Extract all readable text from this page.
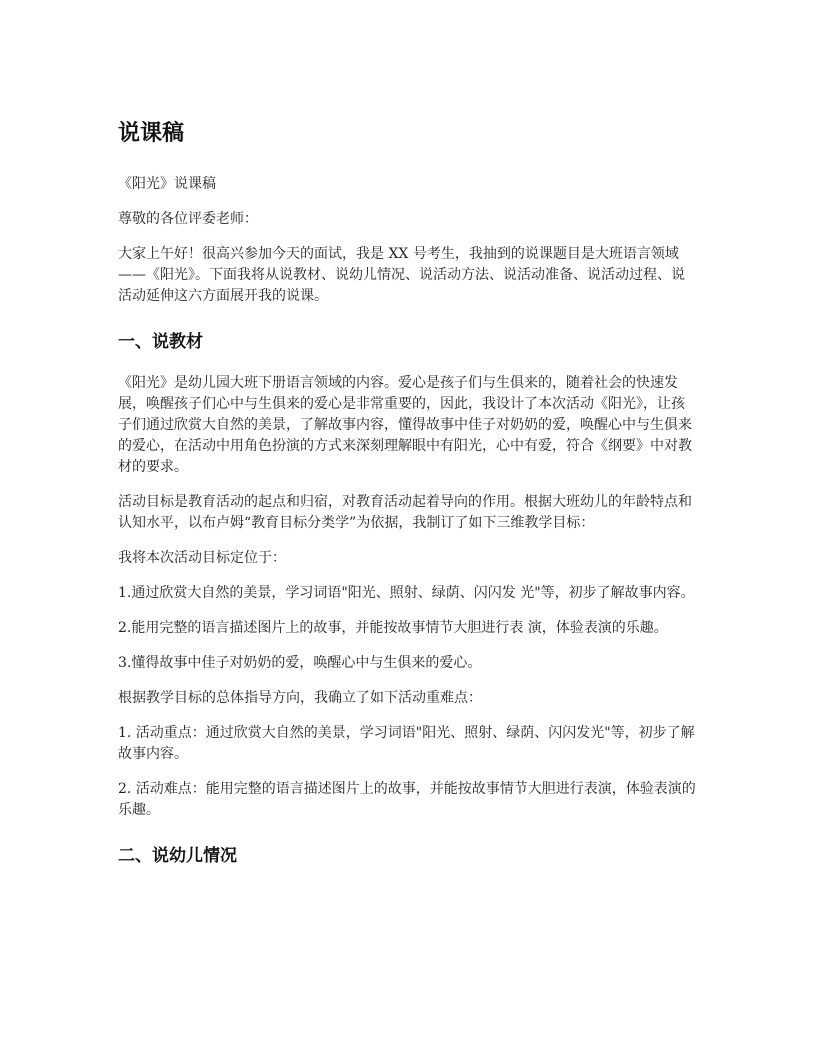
说课稿

《阳光》说课稿

尊敬的各位评委老师：

大家上午好！很高兴参加今天的面试，我是 XX 号考生，我抽到的说课题目是大班语言领域——《阳光》。下面我将从说教材、说幼儿情况、说活动方法、说活动准备、说活动过程、说活动延伸这六方面展开我的说课。

一、说教材

《阳光》是幼儿园大班下册语言领域的内容。爱心是孩子们与生俱来的，随着社会的快速发展，唤醒孩子们心中与生俱来的爱心是非常重要的，因此，我设计了本次活动《阳光》，让孩子们通过欣赏大自然的美景，了解故事内容，懂得故事中佳子对奶奶的爱，唤醒心中与生俱来的爱心，在活动中用角色扮演的方式来深刻理解眼中有阳光，心中有爱，符合《纲要》中对教材的要求。

活动目标是教育活动的起点和归宿，对教育活动起着导向的作用。根据大班幼儿的年龄特点和认知水平，以布卢姆“教育目标分类学”为依据，我制订了如下三维教学目标：

我将本次活动目标定位于：

1.通过欣赏大自然的美景，学习词语"阳光、照射、绿荫、闪闪发 光"等，初步了解故事内容。

2.能用完整的语言描述图片上的故事，并能按故事情节大胆进行表 演，体验表演的乐趣。

3.懂得故事中佳子对奶奶的爱，唤醒心中与生俱来的爱心。

根据教学目标的总体指导方向，我确立了如下活动重难点：

1. 活动重点：通过欣赏大自然的美景，学习词语"阳光、照射、绿荫、闪闪发光"等，初步了解故事内容。

2. 活动难点：能用完整的语言描述图片上的故事，并能按故事情节大胆进行表演，体验表演的乐趣。

二、说幼儿情况
